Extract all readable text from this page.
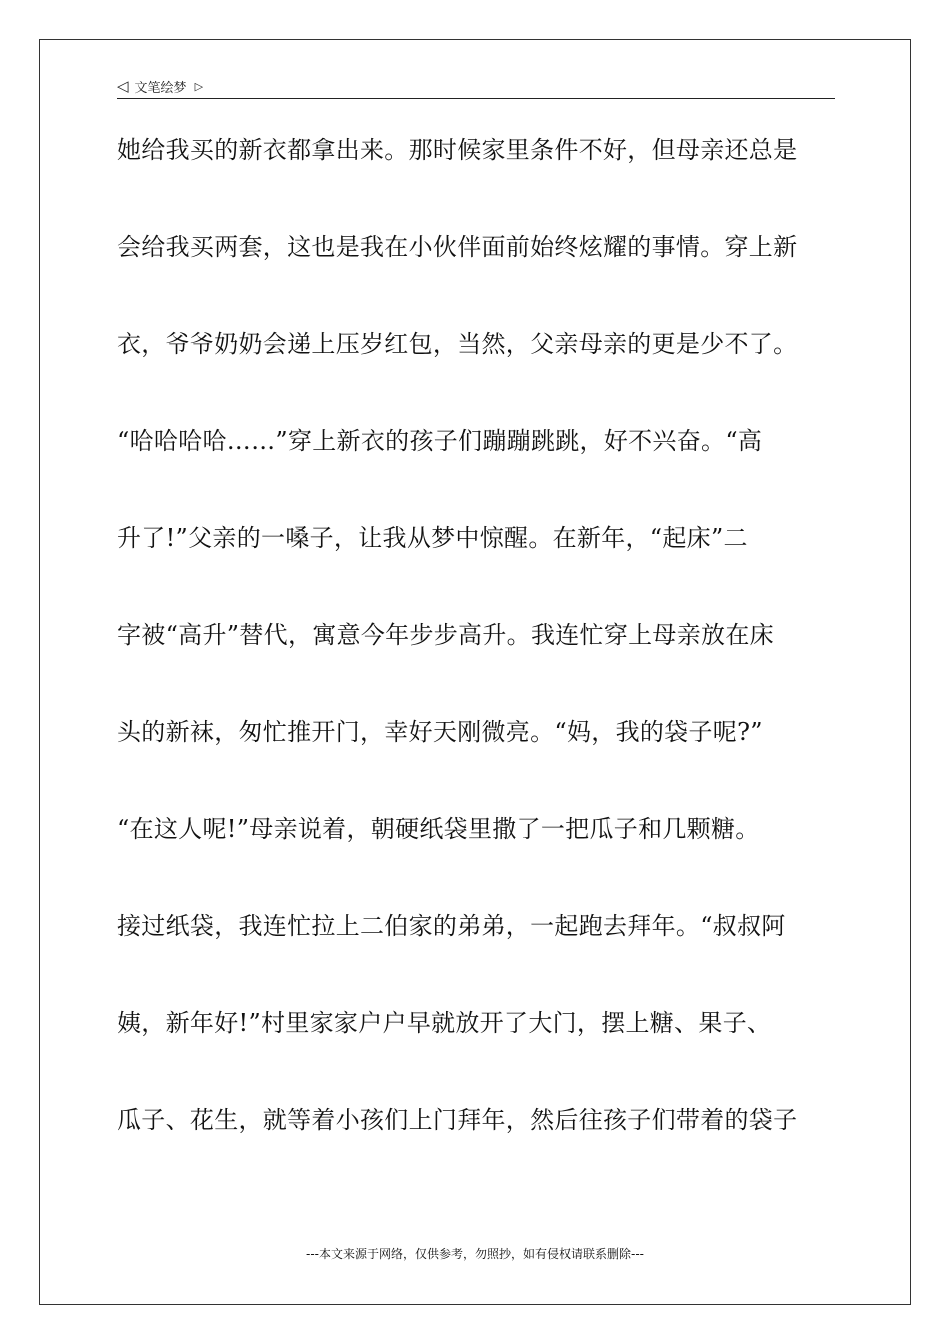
◁ 文笔绘梦 ▷
她给我买的新衣都拿出来。那时候家里条件不好，但母亲还总是
会给我买两套，这也是我在小伙伴面前始终炫耀的事情。穿上新
衣，爷爷奶奶会递上压岁红包，当然，父亲母亲的更是少不了。
“哈哈哈哈……”穿上新衣的孩子们蹦蹦跳跳，好不兴奋。“高
升了!”父亲的一嗓子，让我从梦中惊醒。在新年，“起床”二
字被“高升”替代，寓意今年步步高升。我连忙穿上母亲放在床
头的新袜，匆忙推开门，幸好天刚微亮。“妈，我的袋子呢?”
“在这人呢!”母亲说着，朝硬纸袋里撒了一把瓜子和几颗糖。
接过纸袋，我连忙拉上二伯家的弟弟，一起跑去拜年。“叔叔阿
姨，新年好!”村里家家户户早就放开了大门，摆上糖、果子、
瓜子、花生，就等着小孩们上门拜年，然后往孩子们带着的袋子
---本文来源于网络，仅供参考，勿照抄，如有侵权请联系删除---
